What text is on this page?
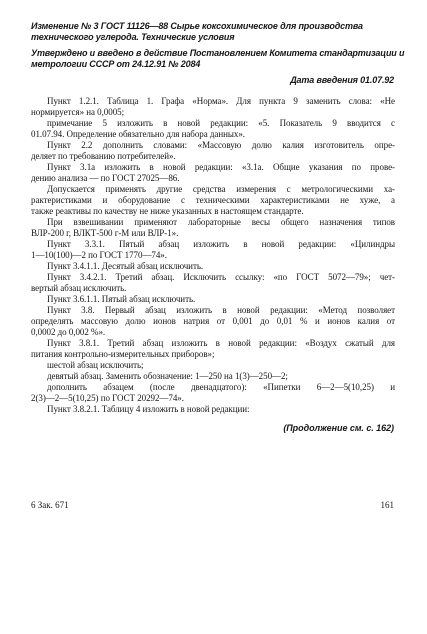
Изменение № 3 ГОСТ 11126—88 Сырье коксохимическое для производства
технического углерода. Технические условия
Утверждено и введено в действие Постановлением Комитета стандартизации и
метрологии СССР от 24.12.91 № 2084
Дата введения 01.07.92
Пункт 1.2.1. Таблица 1. Графа «Норма». Для пункта 9 заменить слова: «Не
нормируется» на 0,0005;
примечание 5 изложить в новой редакции: «5. Показатель 9 вводится с
01.07.94. Определение обязательно для набора данных».
Пункт 2.2 дополнить словами: «Массовую долю калия изготовитель опре-
деляет по требованию потребителей».
Пункт 3.1а изложить в новой редакции: «3.1а. Общие указания по прове-
дению анализа — по ГОСТ 27025—86.
Допускается применять другие средства измерения с метрологическими ха-
рактеристиками и оборудование с техническими характеристиками не хуже, а
также реактивы по качеству не ниже указанных в настоящем стандарте.
При взвешивании применяют лабораторные весы общего назначения типов
ВЛР-200 г, ВЛКТ-500 г-М или ВЛР-1».
Пункт 3.3.1. Пятый абзац изложить в новой редакции: «Цилиндры
1—10(100)—2 по ГОСТ 1770—74».
Пункт 3.4.1.1. Десятый абзац исключить.
Пункт 3.4.2.1. Третий абзац. Исключить ссылку: «по ГОСТ 5072—79»; чет-
вертый абзац исключить.
Пункт 3.6.1.1. Пятый абзац исключить.
Пункт 3.8. Первый абзац изложить в новой редакции: «Метод позволяет
определять массовую долю ионов натрия от 0,001 до 0,01 % и ионов калия от
0,0002 до 0,002 %».
Пункт 3.8.1. Третий абзац изложить в новой редакции: «Воздух сжатый для
питания контрольно-измерительных приборов»;
шестой абзац исключить;
девятый абзац. Заменить обозначение: 1—250 на 1(3)—250—2;
дополнить абзацем (после двенадцатого): «Пипетки 6—2—5(10,25) и
2(3)—2—5(10,25) по ГОСТ 20292—74».
Пункт 3.8.2.1. Таблицу 4 изложить в новой редакции:
(Продолжение см. с. 162)
6 Зак. 671	161
